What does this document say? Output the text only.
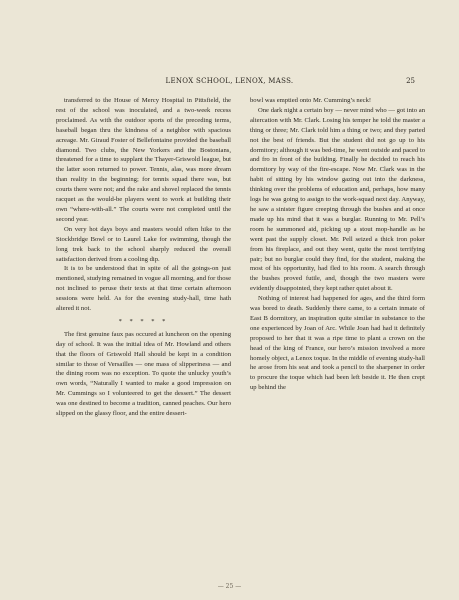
LENOX SCHOOL, LENOX, MASS.	25

transferred to the House of Mercy Hospital in Pittsfield, the rest of the school was inoculated, and a two-week recess proclaimed. As with the outdoor sports of the preceding terms, baseball began thru the kindness of a neighbor with spacious acreage. Mr. Giraud Foster of Bellefontaine provided the baseball diamond. Two clubs, the New Yorkers and the Bostonians, threatened for a time to supplant the Thayer-Griswold league, but the latter soon returned to power. Tennis, alas, was more dream than reality in the beginning; for tennis squad there was, but courts there were not; and the rake and shovel replaced the tennis racquet as the would-be players went to work at building their own “where-with-all.” The courts were not completed until the second year.

On very hot days boys and masters would often hike to the Stockbridge Bowl or to Laurel Lake for swimming, though the long trek back to the school sharply reduced the overall satisfaction derived from a cooling dip.

It is to be understood that in spite of all the goings-on just mentioned, studying remained in vogue all morning, and for those not inclined to peruse their texts at that time certain afternoon sessions were held. As for the evening study-hall, time hath altered it not.

* * * * *

The first genuine faux pas occured at luncheon on the opening day of school. It was the initial idea of Mr. Howland and others that the floors of Griswold Hall should be kept in a condition similar to those of Versailles — one mass of slipperiness — and the dining room was no exception. To quote the unlucky youth’s own words, “Naturally I wanted to make a good impression on Mr. Cummings so I volunteered to get the dessert.” The dessert was one destined to become a tradition, canned peaches. Our hero slipped on the glassy floor, and the entire dessert-

bowl was emptied onto Mr. Cumming’s neck!

One dark night a certain boy — never mind who — got into an altercation with Mr. Clark. Losing his temper he told the master a thing or three; Mr. Clark told him a thing or two; and they parted not the best of friends. But the student did not go up to his dormitory; although it was bed-time, he went outside and paced to and fro in front of the building. Finally he decided to reach his dormitory by way of the fire-escape. Now Mr. Clark was in the habit of sitting by his window gazing out into the darkness, thinking over the problems of education and, perhaps, how many logs he was going to assign to the work-squad next day. Anyway, he saw a sinister figure creeping through the bushes and at once made up his mind that it was a burglar. Running to Mr. Pell’s room he summoned aid, picking up a stout mop-handle as he went past the supply closet. Mr. Pell seized a thick iron poker from his fireplace, and out they went, quite the most terrifying pair; but no burglar could they find, for the student, making the most of his opportunity, had fled to his room. A search through the bushes proved futile, and, though the two masters were evidently disappointed, they kept rather quiet about it.

Nothing of interest had happened for ages, and the third form was bored to death. Suddenly there came, to a certain inmate of East B dormitory, an inspiration quite similar in substance to the one experienced by Joan of Arc. While Joan had had it definitely proposed to her that it was a ripe time to plant a crown on the head of the king of France, our hero’s mission involved a more homely object, a Lenox toque. In the middle of evening study-hall he arose from his seat and took a pencil to the sharpener in order to procure the toque which had been left beside it. He then crept up behind the

— 25 —
